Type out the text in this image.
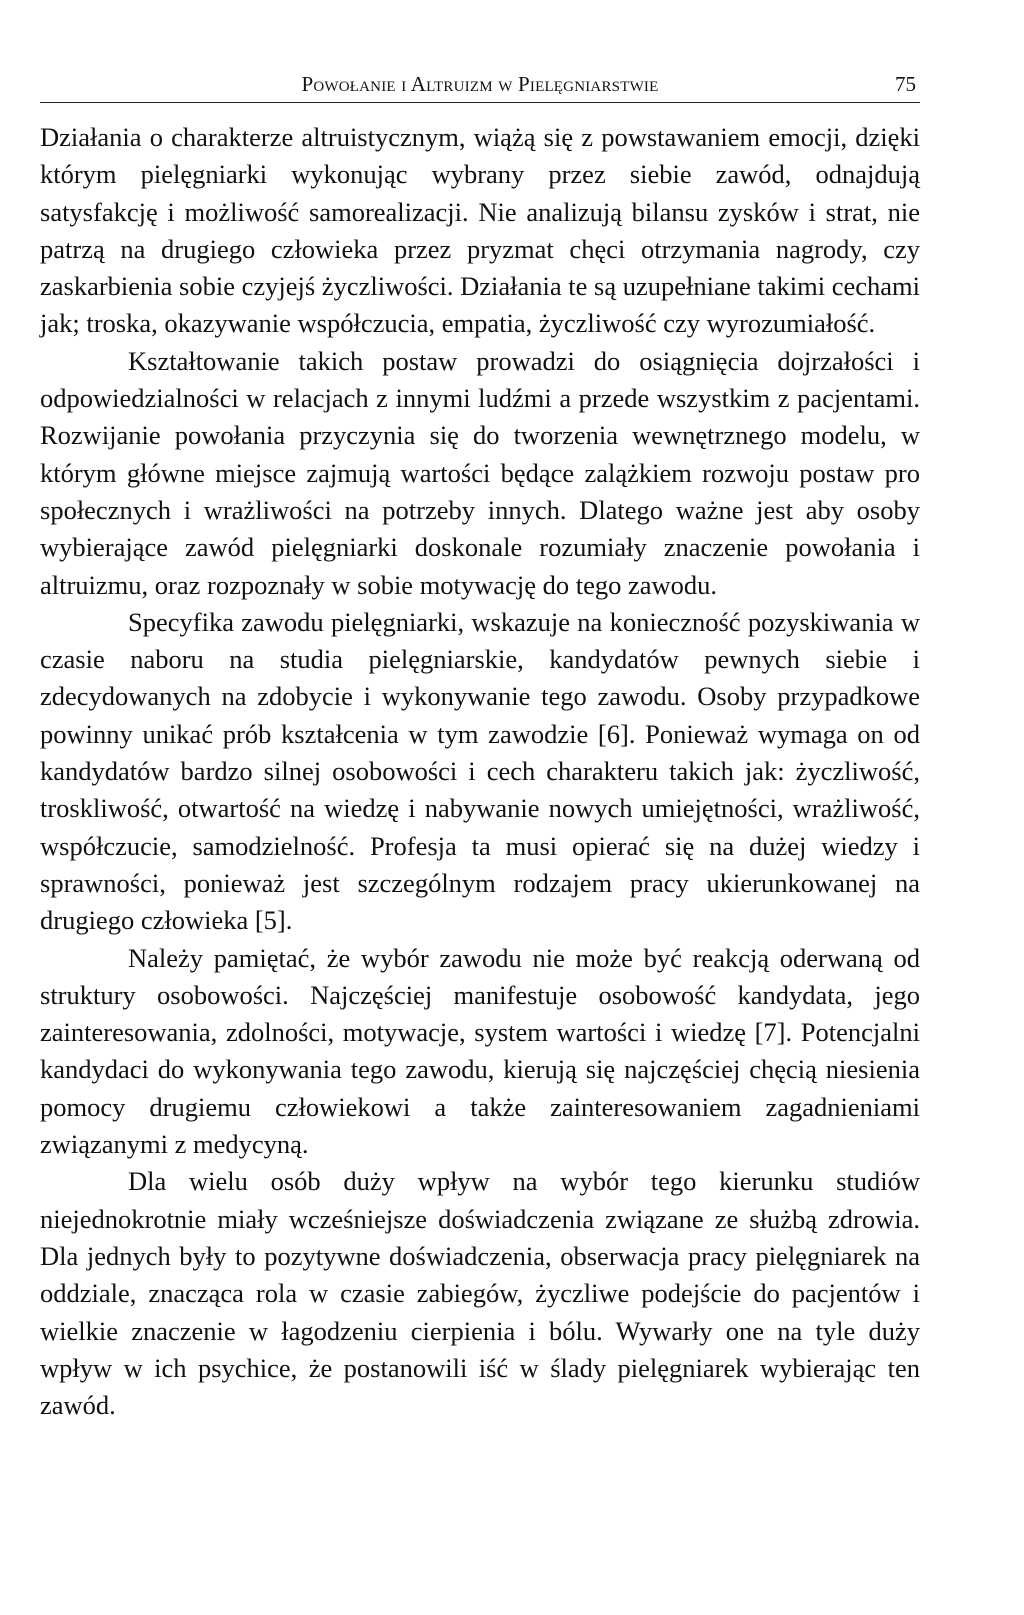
Powołanie i Altruizm w Pielęgniarstwie	75

Działania o charakterze altruistycznym, wiążą się z powstawaniem emocji, dzięki którym pielęgniarki wykonując wybrany przez siebie zawód, odnajdują satysfakcję i możliwość samorealizacji. Nie analizują bilansu zysków i strat, nie patrzą na drugiego człowieka przez pryzmat chęci otrzymania nagrody, czy zaskarbienia sobie czyjejś życzliwości. Działania te są uzupełniane takimi cechami jak; troska, okazywanie współczucia, empatia, życzliwość czy wyrozumiałość.

Kształtowanie takich postaw prowadzi do osiągnięcia dojrzałości i odpowiedzialności w relacjach z innymi ludźmi a przede wszystkim z pacjentami. Rozwijanie powołania przyczynia się do tworzenia wewnętrznego modelu, w którym główne miejsce zajmują wartości będące zalążkiem rozwoju postaw pro społecznych i wrażliwości na potrzeby innych. Dlatego ważne jest aby osoby wybierające zawód pielęgniarki doskonale rozumiały znaczenie powołania i altruizmu, oraz rozpoznały w sobie motywację do tego zawodu.

Specyfika zawodu pielęgniarki, wskazuje na konieczność pozyskiwania w czasie naboru na studia pielęgniarskie, kandydatów pewnych siebie i zdecydowanych na zdobycie i wykonywanie tego zawodu. Osoby przypadkowe powinny unikać prób kształcenia w tym zawodzie [6]. Ponieważ wymaga on od kandydatów bardzo silnej osobowości i cech charakteru takich jak: życzliwość, troskliwość, otwartość na wiedzę i nabywanie nowych umiejętności, wrażliwość, współczucie, samodzielność. Profesja ta musi opierać się na dużej wiedzy i sprawności, ponieważ jest szczególnym rodzajem pracy ukierunkowanej na drugiego człowieka [5].

Należy pamiętać, że wybór zawodu nie może być reakcją oderwaną od struktury osobowości. Najczęściej manifestuje osobowość kandydata, jego zainteresowania, zdolności, motywacje, system wartości i wiedzę [7]. Potencjalni kandydaci do wykonywania tego zawodu, kierują się najczęściej chęcią niesienia pomocy drugiemu człowiekowi a także zainteresowaniem zagadnieniami związanymi z medycyną.

Dla wielu osób duży wpływ na wybór tego kierunku studiów niejednokrotnie miały wcześniejsze doświadczenia związane ze służbą zdrowia. Dla jednych były to pozytywne doświadczenia, obserwacja pracy pielęgniarek na oddziale, znacząca rola w czasie zabiegów, życzliwe podejście do pacjentów i wielkie znaczenie w łagodzeniu cierpienia i bólu. Wywarły one na tyle duży wpływ w ich psychice, że postanowili iść w ślady pielęgniarek wybierając ten zawód.
